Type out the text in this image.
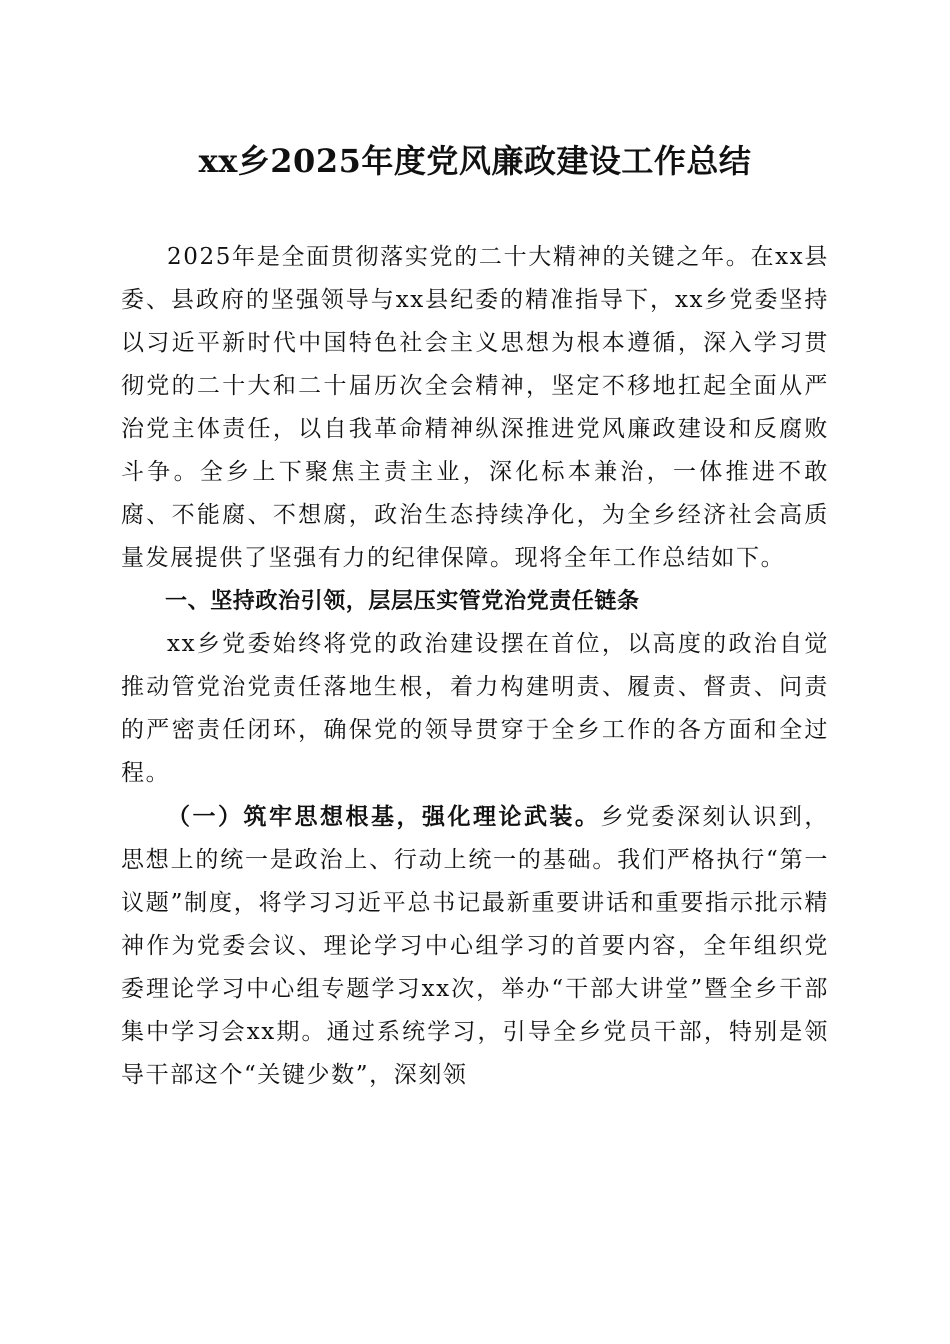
xx乡2025年度党风廉政建设工作总结

2025年是全面贯彻落实党的二十大精神的关键之年。在xx县委、县政府的坚强领导与xx县纪委的精准指导下，xx乡党委坚持以习近平新时代中国特色社会主义思想为根本遵循，深入学习贯彻党的二十大和二十届历次全会精神，坚定不移地扛起全面从严治党主体责任，以自我革命精神纵深推进党风廉政建设和反腐败斗争。全乡上下聚焦主责主业，深化标本兼治，一体推进不敢腐、不能腐、不想腐，政治生态持续净化，为全乡经济社会高质量发展提供了坚强有力的纪律保障。现将全年工作总结如下。

一、坚持政治引领，层层压实管党治党责任链条

xx乡党委始终将党的政治建设摆在首位，以高度的政治自觉推动管党治党责任落地生根，着力构建明责、履责、督责、问责的严密责任闭环，确保党的领导贯穿于全乡工作的各方面和全过程。

（一）筑牢思想根基，强化理论武装。乡党委深刻认识到，思想上的统一是政治上、行动上统一的基础。我们严格执行“第一议题”制度，将学习习近平总书记最新重要讲话和重要指示批示精神作为党委会议、理论学习中心组学习的首要内容，全年组织党委理论学习中心组专题学习xx次，举办“干部大讲堂”暨全乡干部集中学习会xx期。通过系统学习，引导全乡党员干部，特别是领导干部这个“关键少数”，深刻领
